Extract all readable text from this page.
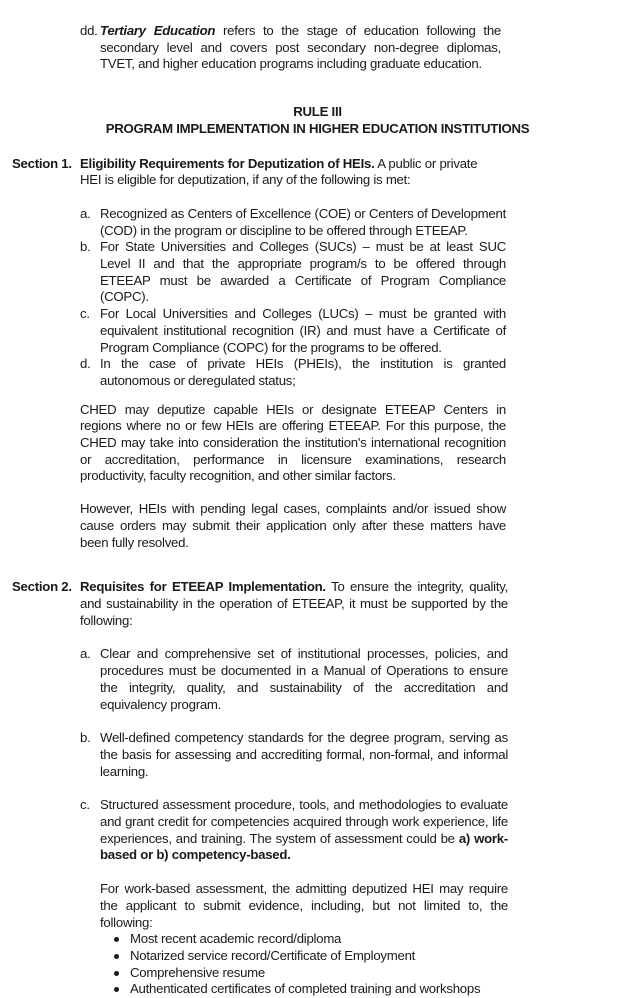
dd. Tertiary Education refers to the stage of education following the secondary level and covers post secondary non-degree diplomas, TVET, and higher education programs including graduate education.
RULE III
PROGRAM IMPLEMENTATION IN HIGHER EDUCATION INSTITUTIONS
Section 1. Eligibility Requirements for Deputization of HEIs. A public or private HEI is eligible for deputization, if any of the following is met:
a. Recognized as Centers of Excellence (COE) or Centers of Development (COD) in the program or discipline to be offered through ETEEAP.
b. For State Universities and Colleges (SUCs) – must be at least SUC Level II and that the appropriate program/s to be offered through ETEEAP must be awarded a Certificate of Program Compliance (COPC).
c. For Local Universities and Colleges (LUCs) – must be granted with equivalent institutional recognition (IR) and must have a Certificate of Program Compliance (COPC) for the programs to be offered.
d. In the case of private HEIs (PHEIs), the institution is granted autonomous or deregulated status;
CHED may deputize capable HEIs or designate ETEEAP Centers in regions where no or few HEIs are offering ETEEAP. For this purpose, the CHED may take into consideration the institution's international recognition or accreditation, performance in licensure examinations, research productivity, faculty recognition, and other similar factors.
However, HEIs with pending legal cases, complaints and/or issued show cause orders may submit their application only after these matters have been fully resolved.
Section 2. Requisites for ETEEAP Implementation. To ensure the integrity, quality, and sustainability in the operation of ETEEAP, it must be supported by the following:
a. Clear and comprehensive set of institutional processes, policies, and procedures must be documented in a Manual of Operations to ensure the integrity, quality, and sustainability of the accreditation and equivalency program.
b. Well-defined competency standards for the degree program, serving as the basis for assessing and accrediting formal, non-formal, and informal learning.
c. Structured assessment procedure, tools, and methodologies to evaluate and grant credit for competencies acquired through work experience, life experiences, and training. The system of assessment could be a) work-based or b) competency-based.
For work-based assessment, the admitting deputized HEI may require the applicant to submit evidence, including, but not limited to, the following:
Most recent academic record/diploma
Notarized service record/Certificate of Employment
Comprehensive resume
Authenticated certificates of completed training and workshops
